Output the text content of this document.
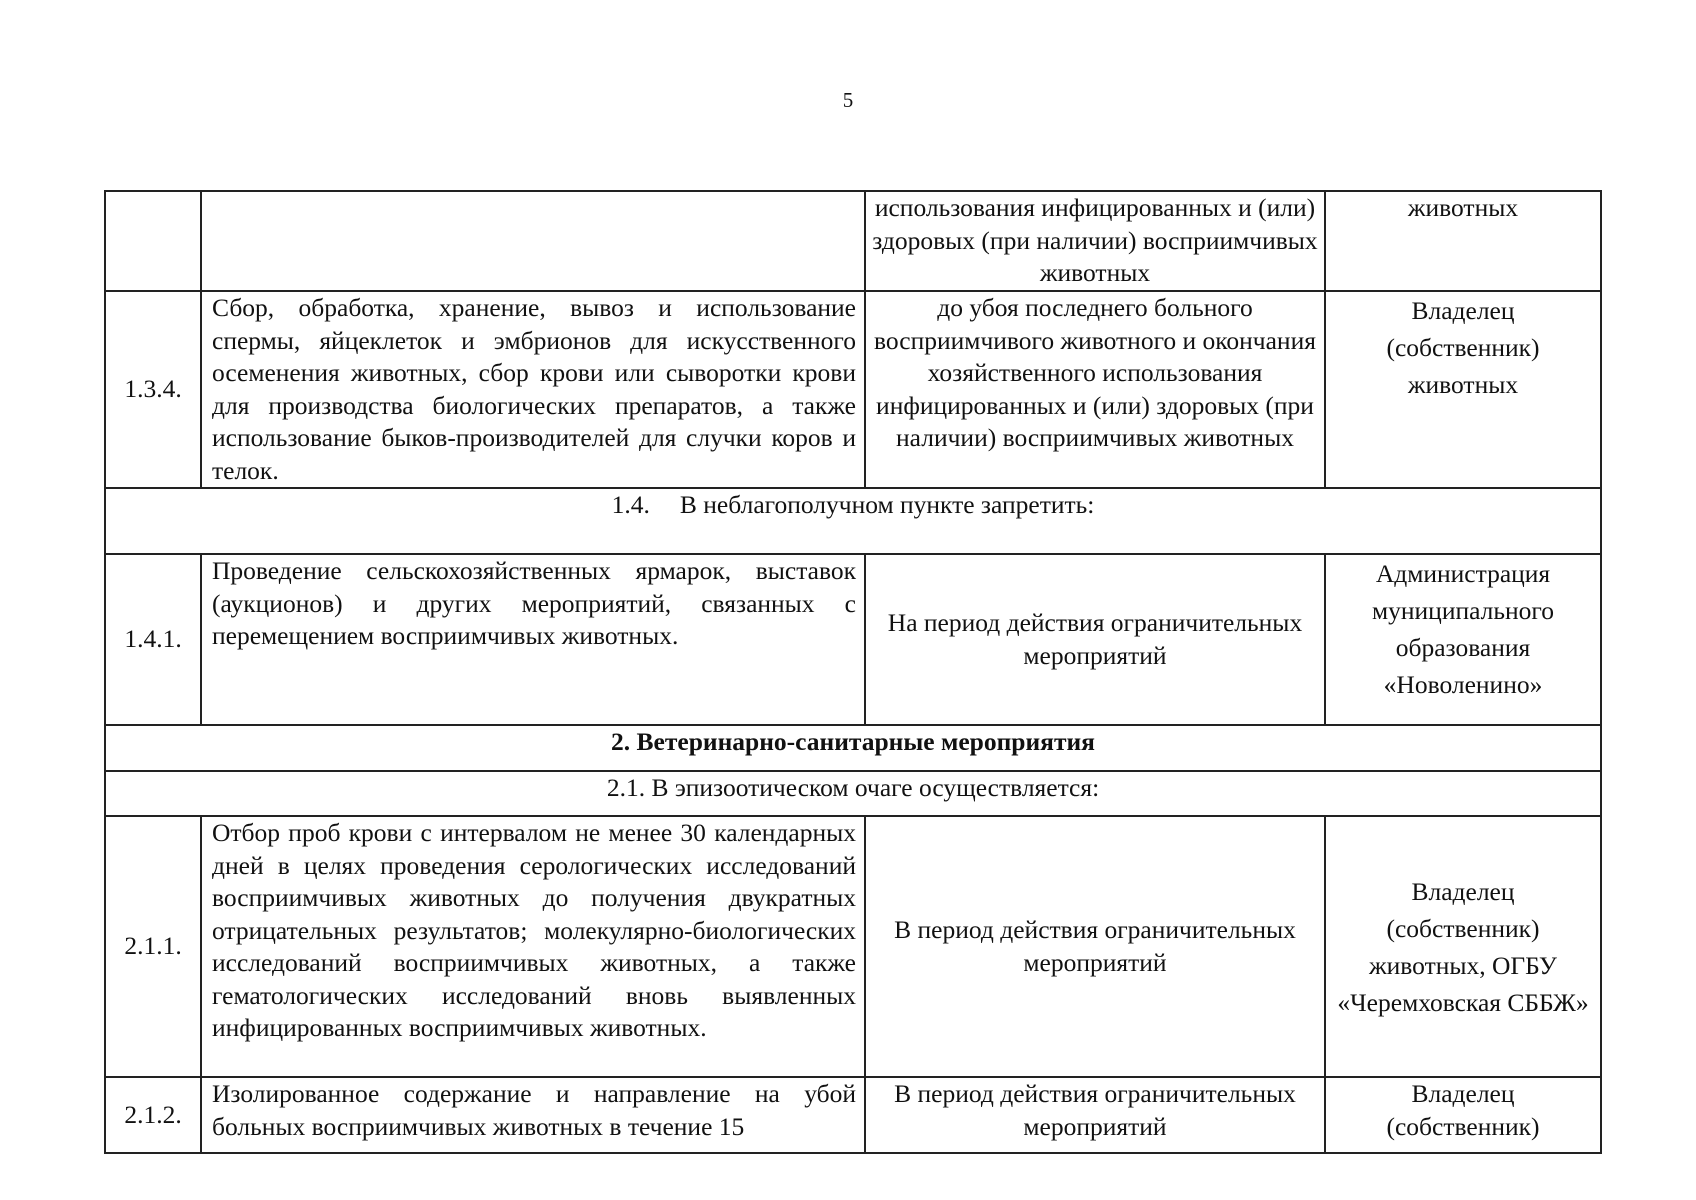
5
		использования инфицированных и (или) здоровых (при наличии) восприимчивых животных	животных
1.3.4.	Сбор, обработка, хранение, вывоз и использование спермы, яйцеклеток и эмбрионов для искусственного осеменения животных, сбор крови или сыворотки крови для производства биологических препаратов, а также использование быков-производителей для случки коров и телок.	до убоя последнего больного восприимчивого животного и окончания хозяйственного использования инфицированных и (или) здоровых (при наличии) восприимчивых животных	Владелец (собственник) животных
1.4. В неблагополучном пункте запретить:			
1.4.1.	Проведение сельскохозяйственных ярмарок, выставок (аукционов) и других мероприятий, связанных с перемещением восприимчивых животных.	На период действия ограничительных мероприятий	Администрация муниципального образования «Новоленино»
2. Ветеринарно-санитарные мероприятия			
2.1. В эпизоотическом очаге осуществляется:			
2.1.1.	Отбор проб крови с интервалом не менее 30 календарных дней в целях проведения серологических исследований восприимчивых животных до получения двукратных отрицательных результатов; молекулярно-биологических исследований восприимчивых животных, а также гематологических исследований вновь выявленных инфицированных восприимчивых животных.	В период действия ограничительных мероприятий	Владелец (собственник) животных, ОГБУ «Черемховская СББЖ»
2.1.2.	Изолированное содержание и направление на убой больных восприимчивых животных в течение 15	В период действия ограничительных мероприятий	Владелец (собственник)
